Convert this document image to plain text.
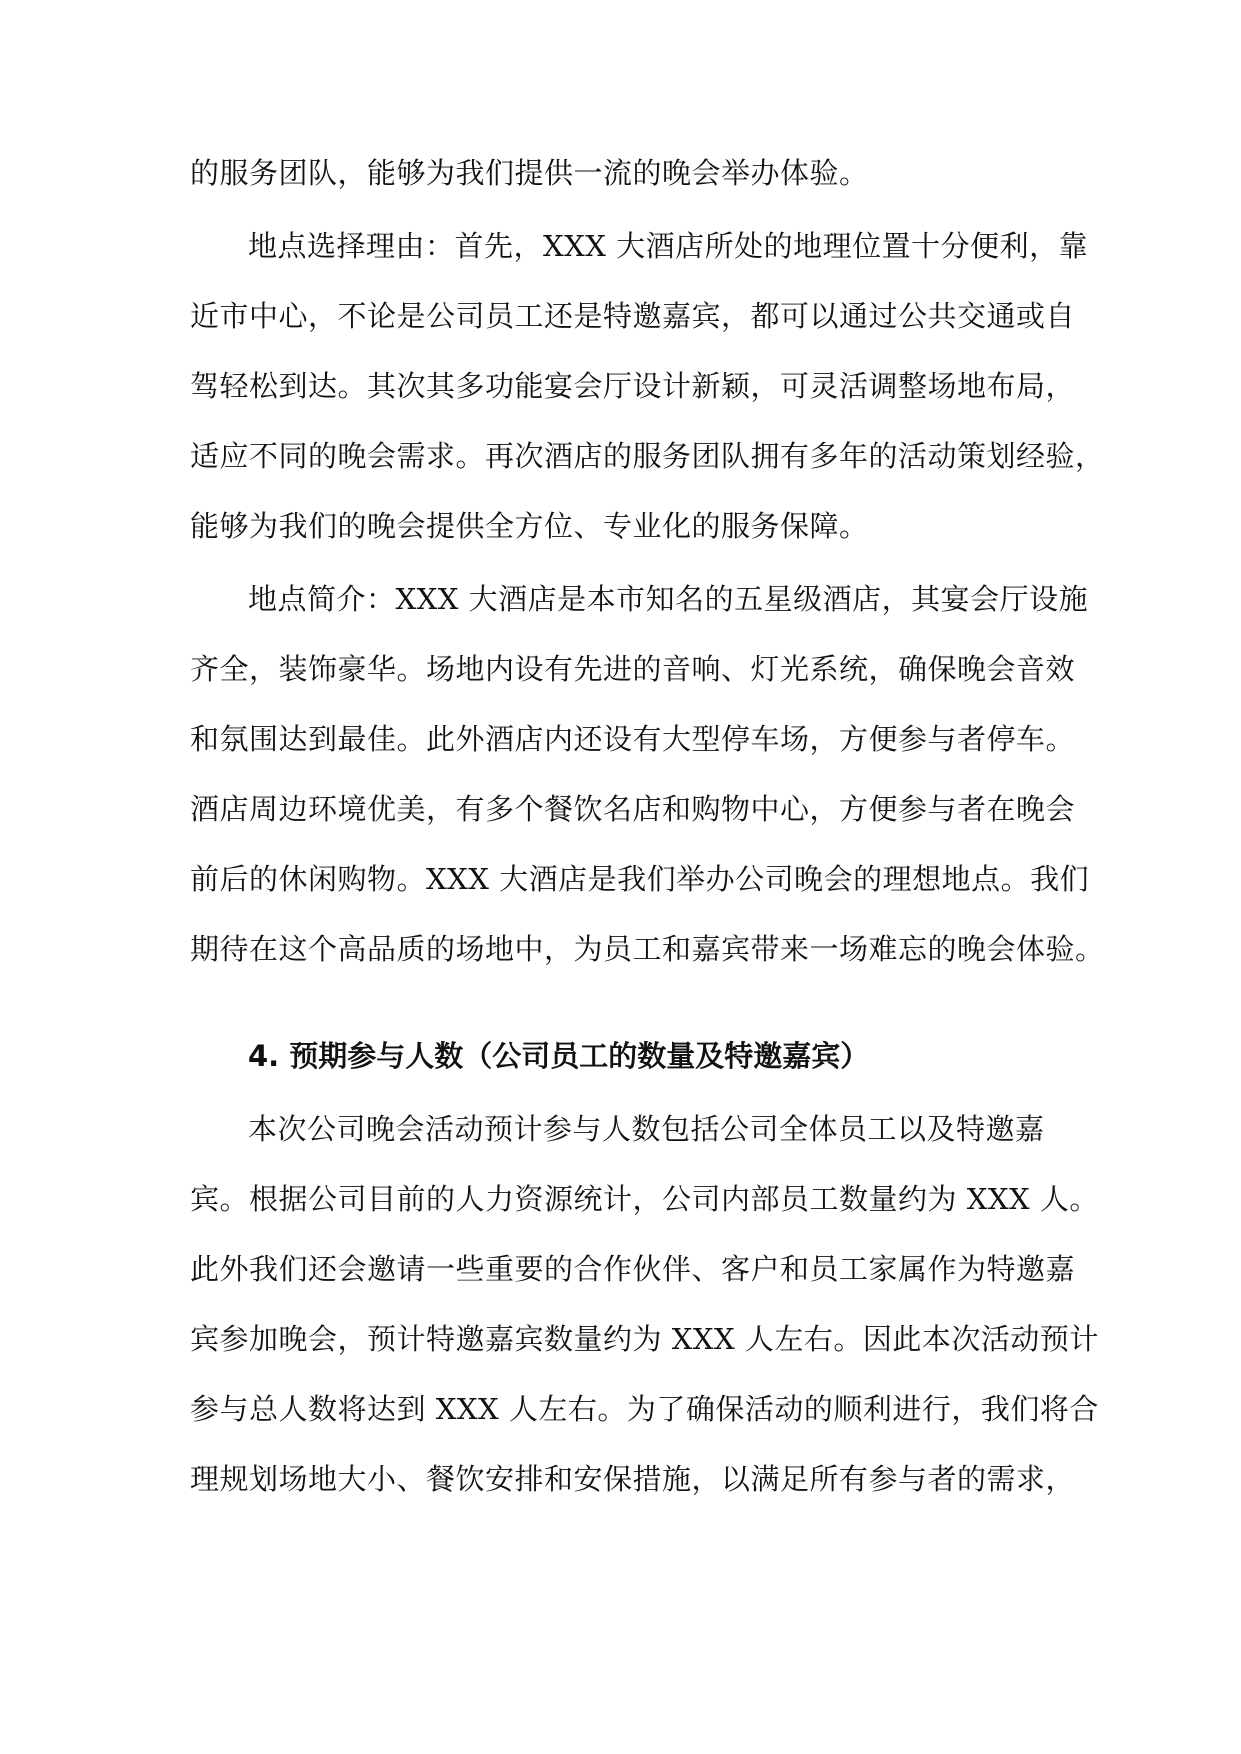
的服务团队，能够为我们提供一流的晚会举办体验。
地点选择理由：首先，XXX 大酒店所处的地理位置十分便利，靠
近市中心，不论是公司员工还是特邀嘉宾，都可以通过公共交通或自
驾轻松到达。其次其多功能宴会厅设计新颖，可灵活调整场地布局，
适应不同的晚会需求。再次酒店的服务团队拥有多年的活动策划经验，
能够为我们的晚会提供全方位、专业化的服务保障。
地点简介：XXX 大酒店是本市知名的五星级酒店，其宴会厅设施
齐全，装饰豪华。场地内设有先进的音响、灯光系统，确保晚会音效
和氛围达到最佳。此外酒店内还设有大型停车场，方便参与者停车。
酒店周边环境优美，有多个餐饮名店和购物中心，方便参与者在晚会
前后的休闲购物。XXX 大酒店是我们举办公司晚会的理想地点。我们
期待在这个高品质的场地中，为员工和嘉宾带来一场难忘的晚会体验。
4. 预期参与人数（公司员工的数量及特邀嘉宾）
本次公司晚会活动预计参与人数包括公司全体员工以及特邀嘉
宾。根据公司目前的人力资源统计，公司内部员工数量约为 XXX 人。
此外我们还会邀请一些重要的合作伙伴、客户和员工家属作为特邀嘉
宾参加晚会，预计特邀嘉宾数量约为 XXX 人左右。因此本次活动预计
参与总人数将达到 XXX 人左右。为了确保活动的顺利进行，我们将合
理规划场地大小、餐饮安排和安保措施，以满足所有参与者的需求，
